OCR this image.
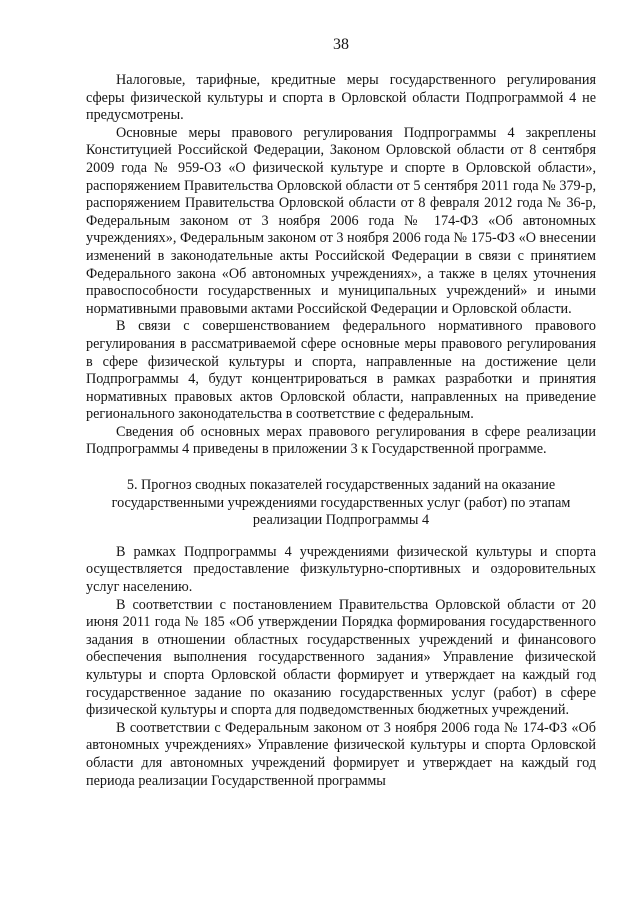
38

Налоговые, тарифные, кредитные меры государственного регулирования сферы физической культуры и спорта в Орловской области Подпрограммой 4 не предусмотрены.

Основные меры правового регулирования Подпрограммы 4 закреплены Конституцией Российской Федерации, Законом Орловской области от 8 сентября 2009 года № 959-ОЗ «О физической культуре и спорте в Орловской области», распоряжением Правительства Орловской области от 5 сентября 2011 года № 379-р, распоряжением Правительства Орловской области от 8 февраля 2012 года № 36-р, Федеральным законом от 3 ноября 2006 года № 174-ФЗ «Об автономных учреждениях», Федеральным законом от 3 ноября 2006 года № 175-ФЗ «О внесении изменений в законодательные акты Российской Федерации в связи с принятием Федерального закона «Об автономных учреждениях», а также в целях уточнения правоспособности государственных и муниципальных учреждений» и иными нормативными правовыми актами Российской Федерации и Орловской области.

В связи с совершенствованием федерального нормативного правового регулирования в рассматриваемой сфере основные меры правового регулирования в сфере физической культуры и спорта, направленные на достижение цели Подпрограммы 4, будут концентрироваться в рамках разработки и принятия нормативных правовых актов Орловской области, направленных на приведение регионального законодательства в соответствие с федеральным.

Сведения об основных мерах правового регулирования в сфере реализации Подпрограммы 4 приведены в приложении 3 к Государственной программе.

5. Прогноз сводных показателей государственных заданий на оказание
государственными учреждениями государственных услуг (работ) по этапам
реализации Подпрограммы 4

В рамках Подпрограммы 4 учреждениями физической культуры и спорта осуществляется предоставление физкультурно-спортивных и оздоровительных услуг населению.

В соответствии с постановлением Правительства Орловской области от 20 июня 2011 года № 185 «Об утверждении Порядка формирования государственного задания в отношении областных государственных учреждений и финансового обеспечения выполнения государственного задания» Управление физической культуры и спорта Орловской области формирует и утверждает на каждый год государственное задание по оказанию государственных услуг (работ) в сфере физической культуры и спорта для подведомственных бюджетных учреждений.

В соответствии с Федеральным законом от 3 ноября 2006 года № 174-ФЗ «Об автономных учреждениях» Управление физической культуры и спорта Орловской области для автономных учреждений формирует и утверждает на каждый год периода реализации Государственной программы
